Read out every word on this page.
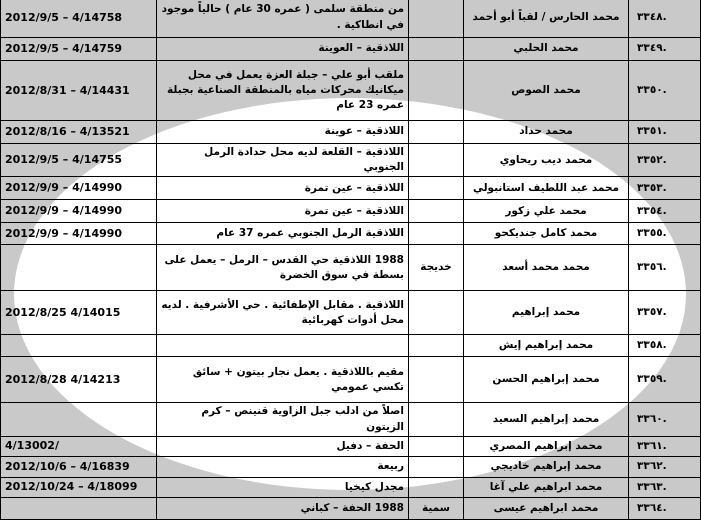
٣٣٤٨.	محمد الحارس / لقباً أبو أحمد		من منطقة سلمى ( عمره 30 عام ) حالياً موجود في انطاكية .	2012/9/5 – 4/14758
٣٣٤٩.	محمد الحلبي		اللاذقية – العوينة	2012/9/5 – 4/14759
٣٣٥٠.	محمد الصوص		ملقب أبو علي – جبلة العزة يعمل في محل ميكانيك محركات مياه بالمنطقة الصناعية بجبلة عمره 23 عام	2012/8/31 – 4/14431
٣٣٥١.	محمد حداد		اللاذقية – عوينة	2012/8/16 – 4/13521
٣٣٥٢.	محمد ديب ريحاوي		اللاذقية – القلعة لديه محل حدادة الرمل الجنوبي	2012/9/5 – 4/14755
٣٣٥٣.	محمد عبد اللطيف استانبولي		اللاذقية – عين تمرة	2012/9/9 – 4/14990
٣٣٥٤.	محمد علي زكور		اللاذقية – عين تمرة	2012/9/9 – 4/14990
٣٣٥٥.	محمد كامل جنديكحو		اللاذقية الرمل الجنوبي عمره 37 عام	2012/9/9 – 4/14990
٣٣٥٦.	محمد محمد أسعد	خديجة	1988 اللاذقية حي القدس – الرمل – يعمل على بسطة في سوق الخضرة	
٣٣٥٧.	محمد إبراهيم		اللاذقية . مقابل الإطفائية . حي الأشرفية . لديه محل أدوات كهربائية	2012/8/25 4/14015
٣٣٥٨.	محمد إبراهيم إيش			
٣٣٥٩.	محمد إبراهيم الحسن		مقيم باللاذقية . يعمل نجار بيتون + سائق تكسي عمومي	2012/8/28 4/14213
٣٣٦٠.	محمد إبراهيم السعيد		اصلاً من ادلب جبل الزاوية قنينص – كرم الزيتون	
٣٣٦١.	محمد إبراهيم المصري		الحفة – دفيل	4/13002/
٣٣٦٢.	محمد إبراهيم خاديجي		ربيعة	2012/10/6 – 4/16839
٣٣٦٣.	محمد ابراهيم علي آغا		مجدل كيخيا	2012/10/24 – 4/18099
٣٣٦٤.	محمد ابراهيم عيسى	سمية	1988 الحفة – كباني	
